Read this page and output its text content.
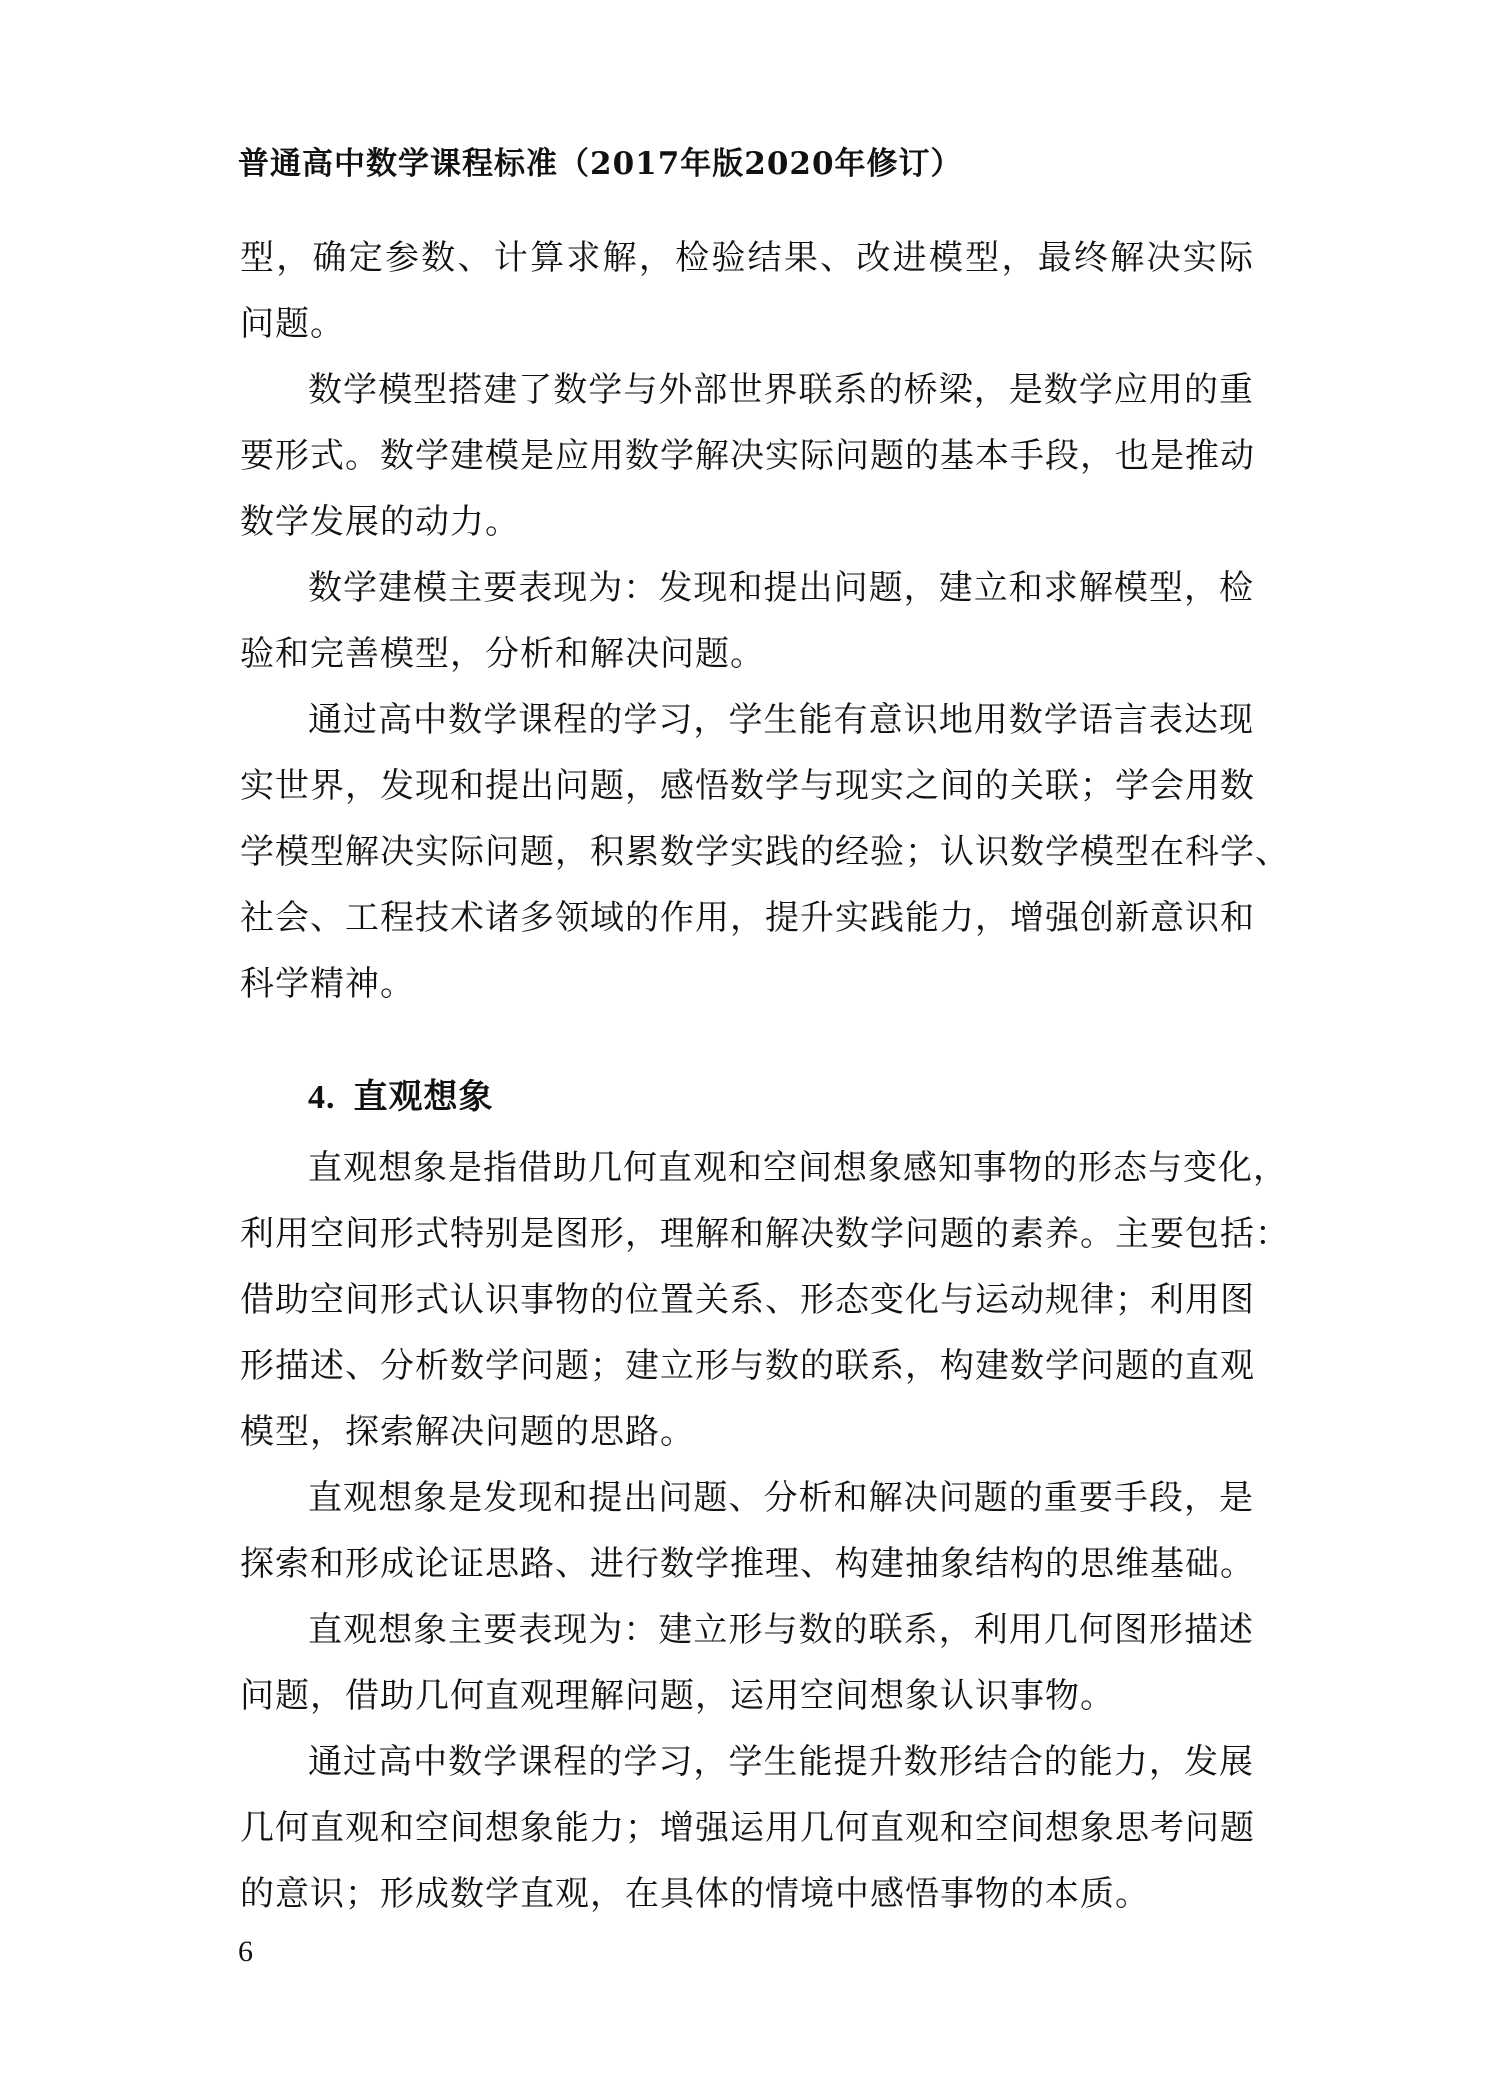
普通高中数学课程标准（2017年版2020年修订）
型，确定参数、计算求解，检验结果、改进模型，最终解决实际
问题。
数学模型搭建了数学与外部世界联系的桥梁，是数学应用的重
要形式。数学建模是应用数学解决实际问题的基本手段，也是推动
数学发展的动力。
数学建模主要表现为：发现和提出问题，建立和求解模型，检
验和完善模型，分析和解决问题。
通过高中数学课程的学习，学生能有意识地用数学语言表达现
实世界，发现和提出问题，感悟数学与现实之间的关联；学会用数
学模型解决实际问题，积累数学实践的经验；认识数学模型在科学、
社会、工程技术诸多领域的作用，提升实践能力，增强创新意识和
科学精神。
4. 直观想象
直观想象是指借助几何直观和空间想象感知事物的形态与变化，
利用空间形式特别是图形，理解和解决数学问题的素养。主要包括：
借助空间形式认识事物的位置关系、形态变化与运动规律；利用图
形描述、分析数学问题；建立形与数的联系，构建数学问题的直观
模型，探索解决问题的思路。
直观想象是发现和提出问题、分析和解决问题的重要手段，是
探索和形成论证思路、进行数学推理、构建抽象结构的思维基础。
直观想象主要表现为：建立形与数的联系，利用几何图形描述
问题，借助几何直观理解问题，运用空间想象认识事物。
通过高中数学课程的学习，学生能提升数形结合的能力，发展
几何直观和空间想象能力；增强运用几何直观和空间想象思考问题
的意识；形成数学直观，在具体的情境中感悟事物的本质。
6
